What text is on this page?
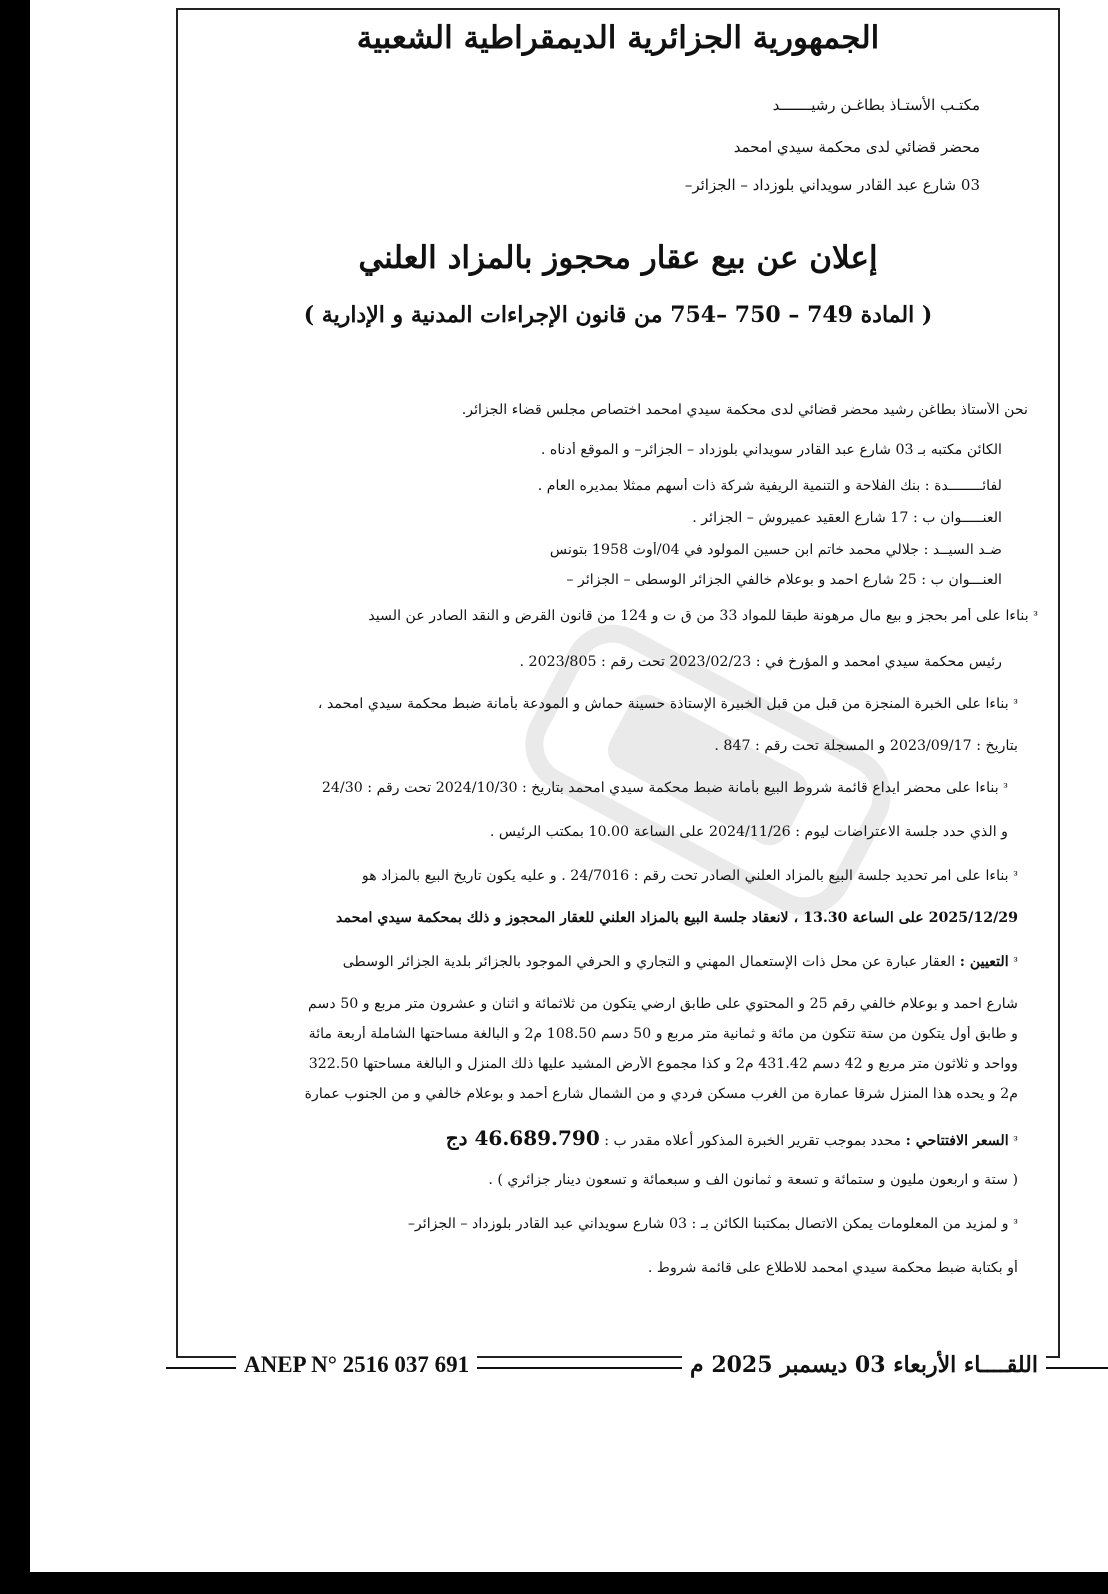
الجمهورية الجزائرية الديمقراطية الشعبية
مكتـب الأستـاذ بطاغـن رشيـــــــد
محضر قضائي لدى محكمة سيدي امحمد
03 شارع عبد القادر سويداني بلوزداد – الجزائر–
إعلان عن بيع عقار محجوز بالمزاد العلني
( المادة 749 – 750 –754 من قانون الإجراءات المدنية و الإدارية )
نحن الأستاذ بطاغن رشيد محضر قضائي لدى محكمة سيدي امحمد اختصاص مجلس قضاء الجزائر.
الكائن مكتبه بـ 03 شارع عبد القادر سويداني بلوزداد – الجزائر– و الموقع أدناه .
لفائــــــــدة : بنك الفلاحة و التنمية الريفية شركة ذات أسهم ممثلا بمديره العام .
العنـــــوان ب : 17 شارع العقيد عميروش – الجزائر .
ضـد السيــد : جلالي محمد خاتم ابن حسين المولود في 04/أوت 1958 بتونس
العنـــوان ب : 25 شارع احمد و بوعلام خالفي الجزائر الوسطى – الجزائر –
ᵌ بناءا على أمر بحجز و بيع مال مرهونة طبقا للمواد 33 من ق ت و 124 من قانون القرض و النقد الصادر عن السيد
رئيس محكمة سيدي امحمد و المؤرخ في : 2023/02/23 تحت رقم : 2023/805 .
ᵌ بناءا على الخبرة المنجزة من قبل من قبل الخبيرة الإستاذة حسينة حماش و المودعة بأمانة ضبط محكمة سيدي امحمد ،
بتاريخ : 2023/09/17 و المسجلة تحت رقم : 847 .
ᵌ بناءا على محضر ايداع قائمة شروط البيع بأمانة ضبط محكمة سيدي امحمد بتاريخ : 2024/10/30 تحت رقم : 24/30
و الذي حدد جلسة الاعتراضات ليوم : 2024/11/26 على الساعة 10.00 بمكتب الرئيس .
ᵌ بناءا على امر تحديد جلسة البيع بالمزاد العلني الصادر تحت رقم : 24/7016 . و عليه يكون تاريخ البيع بالمزاد هو
2025/12/29 على الساعة 13.30 ، لانعقاد جلسة البيع بالمزاد العلني للعقار المحجوز و ذلك بمحكمة سيدي امحمد
ᵌ التعيين : العقار عبارة عن محل ذات الإستعمال المهني و التجاري و الحرفي الموجود بالجزائر بلدية الجزائر الوسطى
شارع احمد و بوعلام خالفي رقم 25 و المحتوي على طابق ارضي يتكون من ثلاثمائة و اثنان و عشرون متر مربع و 50 دسم
و طابق أول يتكون من ستة تتكون من مائة و ثمانية متر مربع و 50 دسم 108.50 م2 و البالغة مساحتها الشاملة أربعة مائة
وواحد و ثلاثون متر مربع و 42 دسم 431.42 م2 و كذا مجموع الأرض المشيد عليها ذلك المنزل و البالغة مساحتها 322.50
م2 و يحده هذا المنزل شرقا عمارة من الغرب مسكن فردي و من الشمال شارع أحمد و بوعلام خالفي و من الجنوب عمارة
ᵌ السعر الافتتاحي : محدد بموجب تقرير الخبرة المذكور أعلاه مقدر ب : 46.689.790 دج
( ستة و اربعون مليون و ستمائة و تسعة و ثمانون الف و سبعمائة و تسعون دينار جزائري ) .
ᵌ و لمزيد من المعلومات يمكن الاتصال بمكتبنا الكائن بـ : 03 شارع سويداني عبد القادر بلوزداد – الجزائر–
أو بكتابة ضبط محكمة سيدي امحمد للاطلاع على قائمة شروط .
ANEP N° 2516 037 691	اللقــــاء الأربعاء 03 ديسمبر 2025 م
